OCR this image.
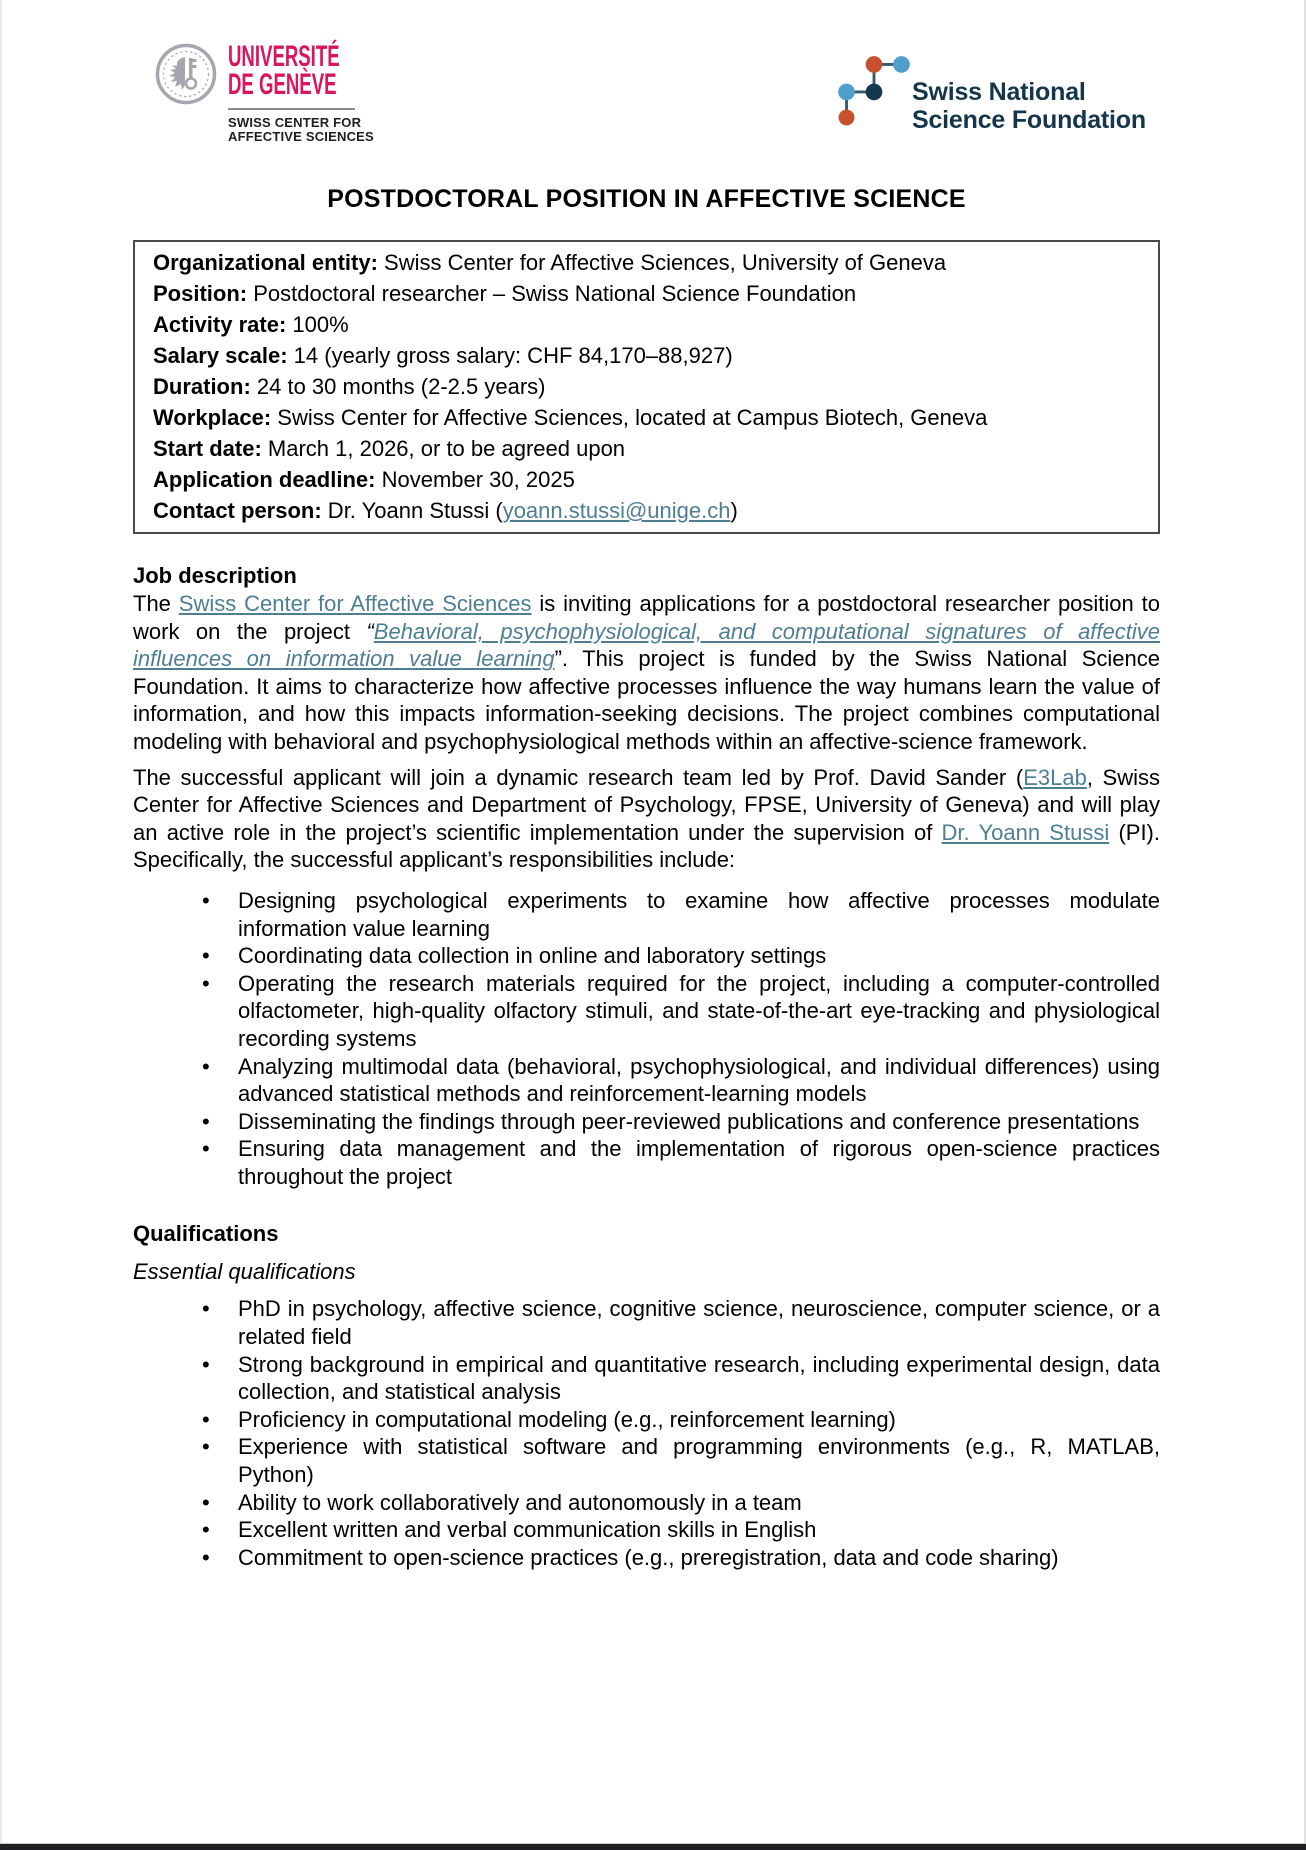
UNIVERSITÉ
DE GENÈVE
SWISS CENTER FOR
AFFECTIVE SCIENCES
Swiss National
Science Foundation
POSTDOCTORAL POSITION IN AFFECTIVE SCIENCE
Organizational entity: Swiss Center for Affective Sciences, University of Geneva
Position: Postdoctoral researcher – Swiss National Science Foundation
Activity rate: 100%
Salary scale: 14 (yearly gross salary: CHF 84,170–88,927)
Duration: 24 to 30 months (2-2.5 years)
Workplace: Swiss Center for Affective Sciences, located at Campus Biotech, Geneva
Start date: March 1, 2026, or to be agreed upon
Application deadline: November 30, 2025
Contact person: Dr. Yoann Stussi (yoann.stussi@unige.ch)
Job description

The Swiss Center for Affective Sciences is inviting applications for a postdoctoral researcher position to work on the project “Behavioral, psychophysiological, and computational signatures of affective influences on information value learning”. This project is funded by the Swiss National Science Foundation. It aims to characterize how affective processes influence the way humans learn the value of information, and how this impacts information-seeking decisions. The project combines computational modeling with behavioral and psychophysiological methods within an affective-science framework.

The successful applicant will join a dynamic research team led by Prof. David Sander (E3Lab, Swiss Center for Affective Sciences and Department of Psychology, FPSE, University of Geneva) and will play an active role in the project’s scientific implementation under the supervision of Dr. Yoann Stussi (PI). Specifically, the successful applicant’s responsibilities include:

• Designing psychological experiments to examine how affective processes modulate information value learning
• Coordinating data collection in online and laboratory settings
• Operating the research materials required for the project, including a computer-controlled olfactometer, high-quality olfactory stimuli, and state-of-the-art eye-tracking and physiological recording systems
• Analyzing multimodal data (behavioral, psychophysiological, and individual differences) using advanced statistical methods and reinforcement-learning models
• Disseminating the findings through peer-reviewed publications and conference presentations
• Ensuring data management and the implementation of rigorous open-science practices throughout the project
Qualifications
Essential qualifications
• PhD in psychology, affective science, cognitive science, neuroscience, computer science, or a related field
• Strong background in empirical and quantitative research, including experimental design, data collection, and statistical analysis
• Proficiency in computational modeling (e.g., reinforcement learning)
• Experience with statistical software and programming environments (e.g., R, MATLAB, Python)
• Ability to work collaboratively and autonomously in a team
• Excellent written and verbal communication skills in English
• Commitment to open-science practices (e.g., preregistration, data and code sharing)
